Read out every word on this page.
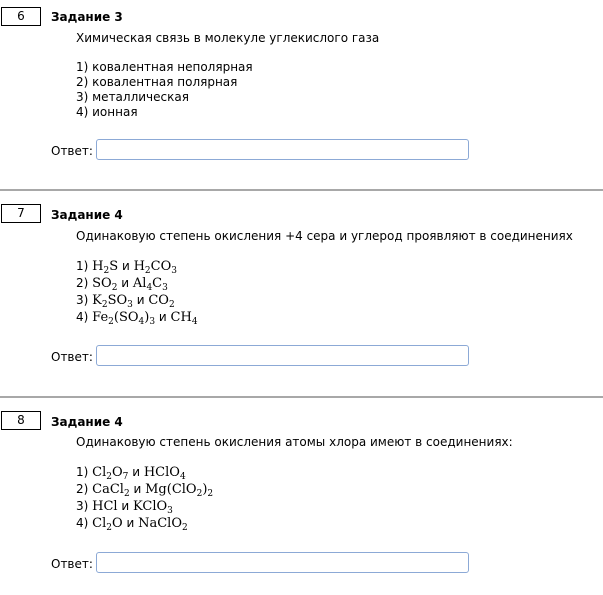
6	Задание 3
Химическая связь в молекуле углекислого газа
1) ковалентная неполярная
2) ковалентная полярная
3) металлическая
4) ионная
Ответ:
7	Задание 4
Одинаковую степень окисления +4 сера и углерод проявляют в соединениях
1) $H_2S$ и $H_2CO_3$
2) $SO_2$ и $Al_4C_3$
3) $K_2SO_3$ и $CO_2$
4) $Fe_2(SO_4)_3$ и $CH_4$
Ответ:
8	Задание 4
Одинаковую степень окисления атомы хлора имеют в соединениях:
1) $Cl_2O_7$ и HClO$_4$
2) CaCl$_2$ и $Mg(ClO_2)_2$
3) HCl и KClO$_3$
4) $Cl_2O$ и NaClO$_2$
Ответ:
